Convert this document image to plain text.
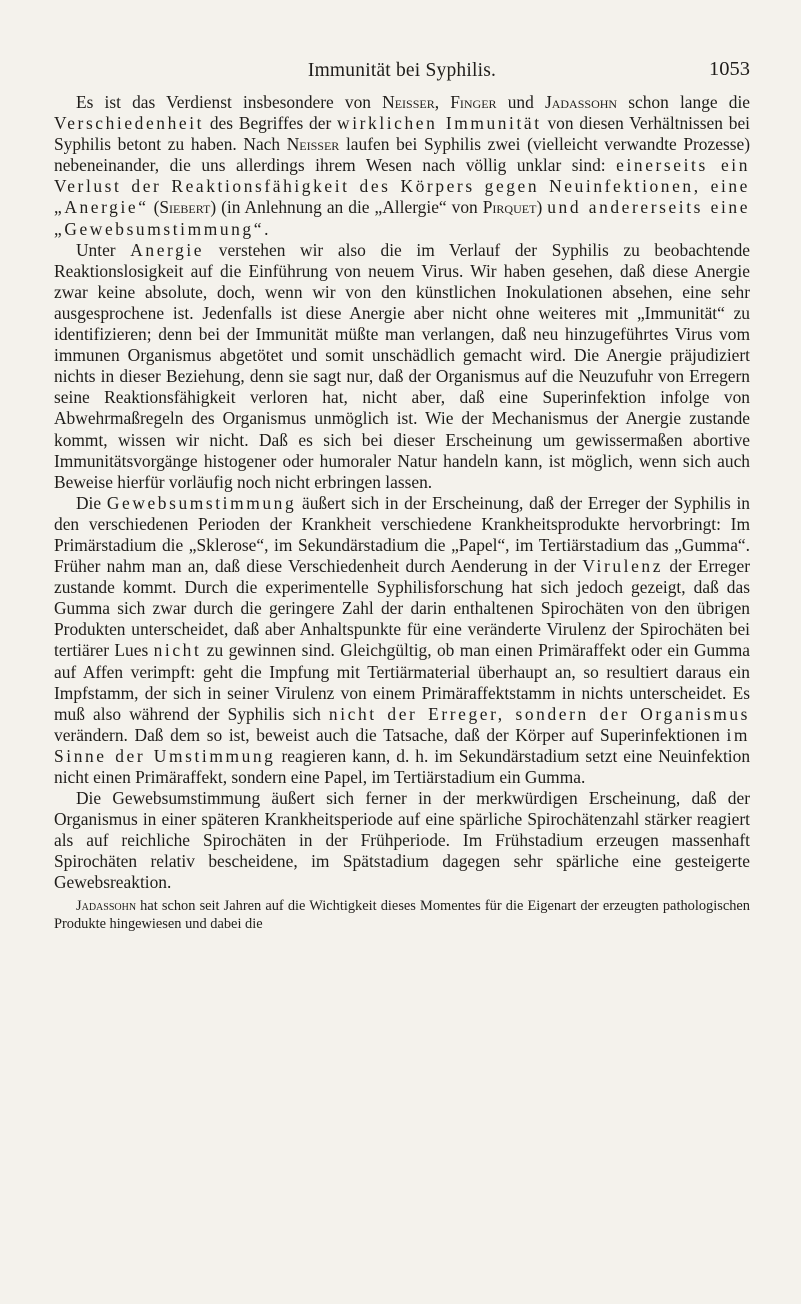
Immunität bei Syphilis.	1053

Es ist das Verdienst insbesondere von Neisser, Finger und Jadassohn schon lange die Verschiedenheit des Begriffes der wirklichen Immunität von diesen Verhältnissen bei Syphilis betont zu haben. Nach Neisser laufen bei Syphilis zwei (vielleicht verwandte Prozesse) nebeneinander, die uns allerdings ihrem Wesen nach völlig unklar sind: einerseits ein Verlust der Reaktionsfähigkeit des Körpers gegen Neuinfektionen, eine „Anergie“ (Siebert) (in Anlehnung an die „Allergie“ von Pirquet) und andererseits eine „Gewebsumstimmung“.

Unter Anergie verstehen wir also die im Verlauf der Syphilis zu beobachtende Reaktionslosigkeit auf die Einführung von neuem Virus. Wir haben gesehen, daß diese Anergie zwar keine absolute, doch, wenn wir von den künstlichen Inokulationen absehen, eine sehr ausgesprochene ist. Jedenfalls ist diese Anergie aber nicht ohne weiteres mit „Immunität“ zu identifizieren; denn bei der Immunität müßte man verlangen, daß neu hinzugeführtes Virus vom immunen Organismus abgetötet und somit unschädlich gemacht wird. Die Anergie präjudiziert nichts in dieser Beziehung, denn sie sagt nur, daß der Organismus auf die Neuzufuhr von Erregern seine Reaktionsfähigkeit verloren hat, nicht aber, daß eine Superinfektion infolge von Abwehrmaßregeln des Organismus unmöglich ist. Wie der Mechanismus der Anergie zustande kommt, wissen wir nicht. Daß es sich bei dieser Erscheinung um gewissermaßen abortive Immunitätsvorgänge histogener oder humoraler Natur handeln kann, ist möglich, wenn sich auch Beweise hierfür vorläufig noch nicht erbringen lassen.

Die Gewebsumstimmung äußert sich in der Erscheinung, daß der Erreger der Syphilis in den verschiedenen Perioden der Krankheit verschiedene Krankheitsprodukte hervorbringt: Im Primärstadium die „Sklerose“, im Sekundärstadium die „Papel“, im Tertiärstadium das „Gumma“. Früher nahm man an, daß diese Verschiedenheit durch Aenderung in der Virulenz der Erreger zustande kommt. Durch die experimentelle Syphilisforschung hat sich jedoch gezeigt, daß das Gumma sich zwar durch die geringere Zahl der darin enthaltenen Spirochäten von den übrigen Produkten unterscheidet, daß aber Anhaltspunkte für eine veränderte Virulenz der Spirochäten bei tertiärer Lues nicht zu gewinnen sind. Gleichgültig, ob man einen Primäraffekt oder ein Gumma auf Affen verimpft: geht die Impfung mit Tertiärmaterial überhaupt an, so resultiert daraus ein Impfstamm, der sich in seiner Virulenz von einem Primäraffektstamm in nichts unterscheidet. Es muß also während der Syphilis sich nicht der Erreger, sondern der Organismus verändern. Daß dem so ist, beweist auch die Tatsache, daß der Körper auf Superinfektionen im Sinne der Umstimmung reagieren kann, d. h. im Sekundärstadium setzt eine Neuinfektion nicht einen Primäraffekt, sondern eine Papel, im Tertiärstadium ein Gumma.

Die Gewebsumstimmung äußert sich ferner in der merkwürdigen Erscheinung, daß der Organismus in einer späteren Krankheitsperiode auf eine spärliche Spirochätenzahl stärker reagiert als auf reichliche Spirochäten in der Frühperiode. Im Frühstadium erzeugen massenhaft Spirochäten relativ bescheidene, im Spätstadium dagegen sehr spärliche eine gesteigerte Gewebsreaktion.

Jadassohn hat schon seit Jahren auf die Wichtigkeit dieses Momentes für die Eigenart der erzeugten pathologischen Produkte hingewiesen und dabei die
